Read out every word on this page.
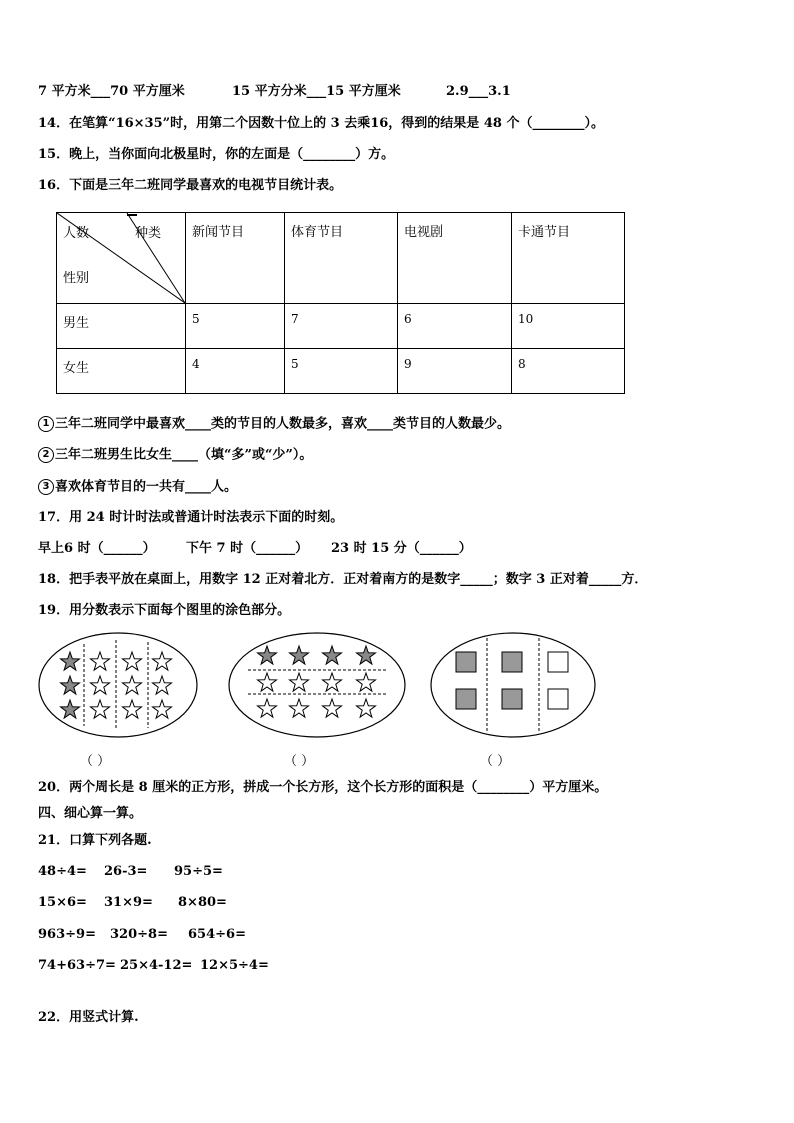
7 平方米___70 平方厘米	15 平方分米___15 平方厘米	2.9___3.1
14．在笔算“16×35”时，用第二个因数十位上的 3 去乘16，得到的结果是 48 个（________）。
15．晚上，当你面向北极星时，你的左面是（________）方。
16．下面是三年二班同学最喜欢的电视节目统计表。
人数 种类
性别	新闻节目	体育节目	电视剧	卡通节目
男生	5	7	6	10
女生	4	5	9	8
1 三年二班同学中最喜欢____类的节目的人数最多，喜欢____类节目的人数最少。
2 三年二班男生比女生____（填“多”或“少”）。
3 喜欢体育节目的一共有____人。
17．用 24 时计时法或普通计时法表示下面的时刻。
早上6 时（______） 下午 7 时（______） 23 时 15 分（______）
18．把手表平放在桌面上，用数字 12 正对着北方．正对着南方的是数字_____；数字 3 正对着_____方．
19．用分数表示下面每个图里的涂色部分。
（ ）	（ ）	（ ）
20．两个周长是 8 厘米的正方形，拼成一个长方形，这个长方形的面积是（________）平方厘米。
四、细心算一算。
21．口算下列各题.
48÷4= 26-3= 95÷5=
15×6= 31×9= 8×80=
963÷9= 320÷8= 654÷6=
74+63÷7= 25×4-12= 12×5÷4=
22．用竖式计算.
